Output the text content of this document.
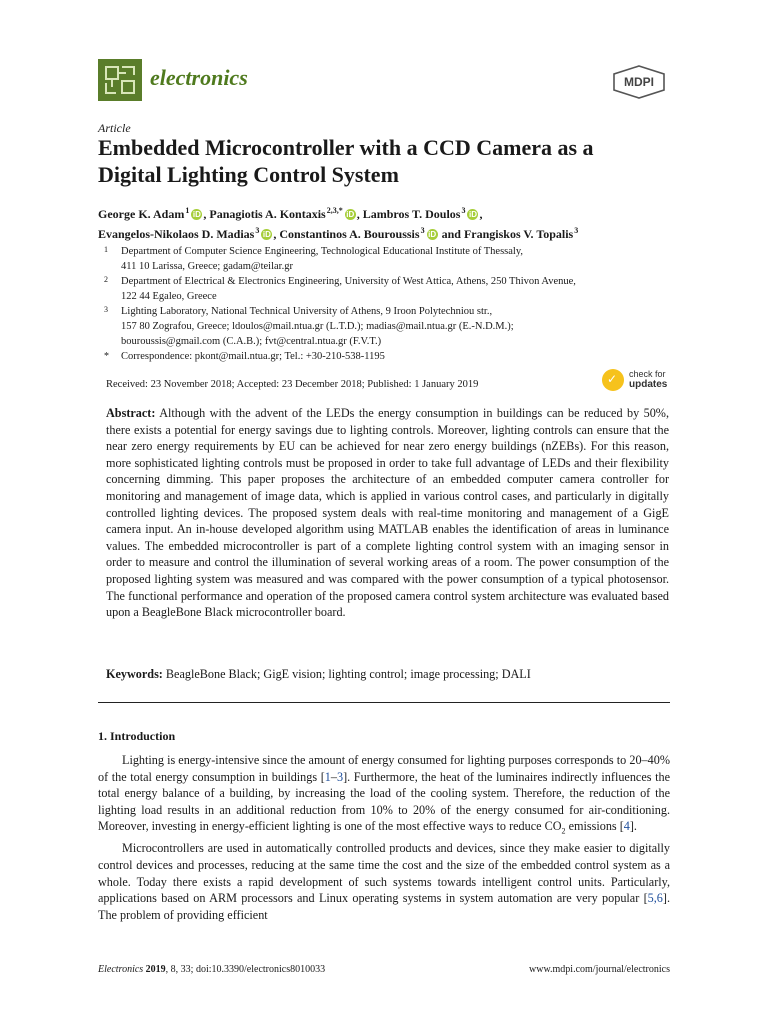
electronics	MDPI
Article
Embedded Microcontroller with a CCD Camera as a
Digital Lighting Control System
George K. Adam $^1$  iD , Panagiotis A. Kontaxis $^{2,3,*}$  iD , Lambros T. Doulos $^3$  iD ,
Evangelos-Nikolaos D. Madias $^3$  iD , Constantinos A. Bouroussis $^3$  iD and Frangiskos V. Topalis $^3$
1 Department of Computer Science Engineering, Technological Educational Institute of Thessaly,
411 10 Larissa, Greece; gadam@teilar.gr
2 Department of Electrical & Electronics Engineering, University of West Attica, Athens, 250 Thivon Avenue,
122 44 Egaleo, Greece
3 Lighting Laboratory, National Technical University of Athens, 9 Iroon Polytechniou str.,
157 80 Zografou, Greece; ldoulos@mail.ntua.gr (L.T.D.); madias@mail.ntua.gr (E.-N.D.M.);
bouroussis@gmail.com (C.A.B.); fvt@central.ntua.gr (F.V.T.)
* Correspondence: pkont@mail.ntua.gr; Tel.: +30-210-538-1195
Received: 23 November 2018; Accepted: 23 December 2018; Published: 1 January 2019	✓ check for
updates
Abstract: Although with the advent of the LEDs the energy consumption in buildings can be reduced by 50%, there exists a potential for energy savings due to lighting controls. Moreover, lighting controls can ensure that the near zero energy requirements by EU can be achieved for near zero energy buildings (nZEBs). For this reason, more sophisticated lighting controls must be proposed in order to take full advantage of LEDs and their flexibility concerning dimming. This paper proposes the architecture of an embedded computer camera controller for monitoring and management of image data, which is applied in various control cases, and particularly in digitally controlled lighting devices. The proposed system deals with real-time monitoring and management of a GigE camera input. An in-house developed algorithm using MATLAB enables the identification of areas in luminance values. The embedded microcontroller is part of a complete lighting control system with an imaging sensor in order to measure and control the illumination of several working areas of a room. The power consumption of the proposed lighting system was measured and was compared with the power consumption of a typical photosensor. The functional performance and operation of the proposed camera control system architecture was evaluated based upon a BeagleBone Black microcontroller board.
Keywords: BeagleBone Black; GigE vision; lighting control; image processing; DALI
1. Introduction

Lighting is energy-intensive since the amount of energy consumed for lighting purposes corresponds to 20–40% of the total energy consumption in buildings [1–3]. Furthermore, the heat of the luminaires indirectly influences the total energy balance of a building, by increasing the load of the cooling system. Therefore, the reduction of the lighting load results in an additional reduction from 10% to 20% of the energy consumed for air-conditioning. Moreover, investing in energy-efficient lighting is one of the most effective ways to reduce $CO_2$ emissions [4].

Microcontrollers are used in automatically controlled products and devices, since they make easier to digitally control devices and processes, reducing at the same time the cost and the size of the embedded control system as a whole. Today there exists a rapid development of such systems towards intelligent control units. Particularly, applications based on ARM processors and Linux operating systems in system automation are very popular [5,6]. The problem of providing efficient

Electronics 2019, 8, 33; doi:10.3390/electronics8010033	www.mdpi.com/journal/electronics
